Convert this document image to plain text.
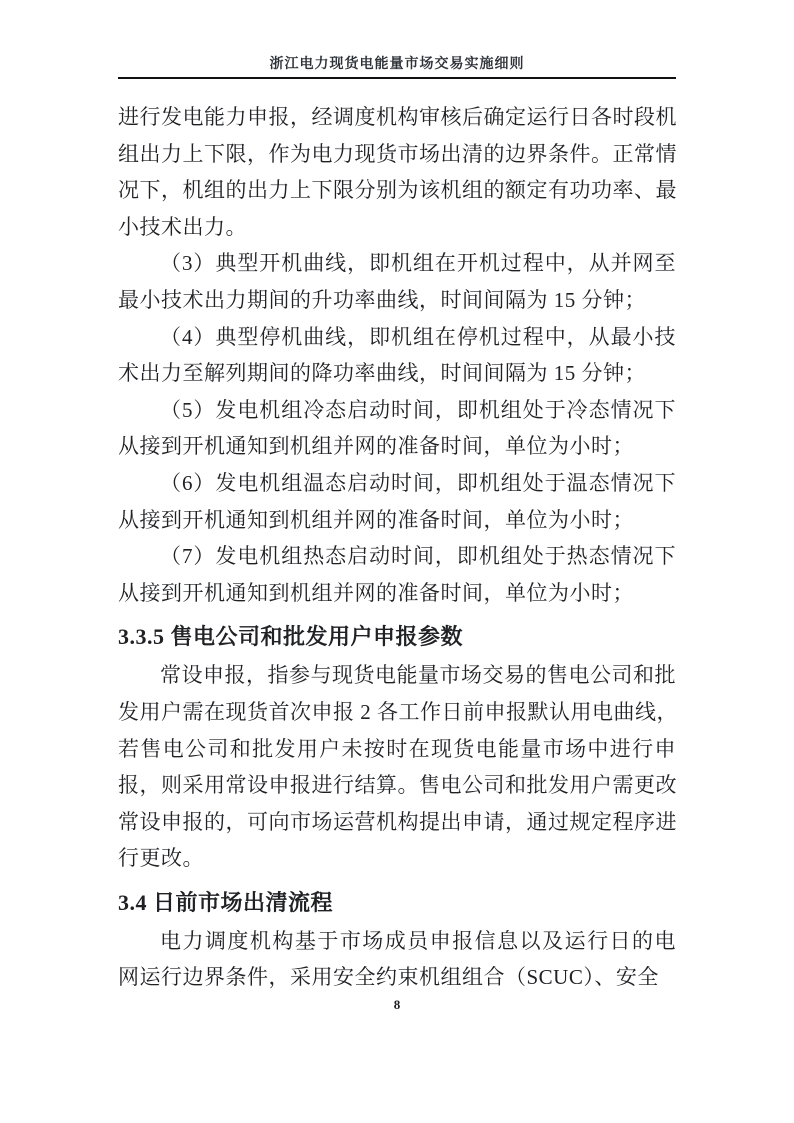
浙江电力现货电能量市场交易实施细则
进行发电能力申报，经调度机构审核后确定运行日各时段机
组出力上下限，作为电力现货市场出清的边界条件。正常情
况下，机组的出力上下限分别为该机组的额定有功功率、最
小技术出力。
（3）典型开机曲线，即机组在开机过程中，从并网至
最小技术出力期间的升功率曲线，时间间隔为 15 分钟；
（4）典型停机曲线，即机组在停机过程中，从最小技
术出力至解列期间的降功率曲线，时间间隔为 15 分钟；
（5）发电机组冷态启动时间，即机组处于冷态情况下
从接到开机通知到机组并网的准备时间，单位为小时；
（6）发电机组温态启动时间，即机组处于温态情况下
从接到开机通知到机组并网的准备时间，单位为小时；
（7）发电机组热态启动时间，即机组处于热态情况下
从接到开机通知到机组并网的准备时间，单位为小时；
3.3.5 售电公司和批发用户申报参数
常设申报，指参与现货电能量市场交易的售电公司和批
发用户需在现货首次申报 2 各工作日前申报默认用电曲线，
若售电公司和批发用户未按时在现货电能量市场中进行申
报，则采用常设申报进行结算。售电公司和批发用户需更改
常设申报的，可向市场运营机构提出申请，通过规定程序进
行更改。
3.4 日前市场出清流程
电力调度机构基于市场成员申报信息以及运行日的电
网运行边界条件，采用安全约束机组组合（SCUC）、安全
8
